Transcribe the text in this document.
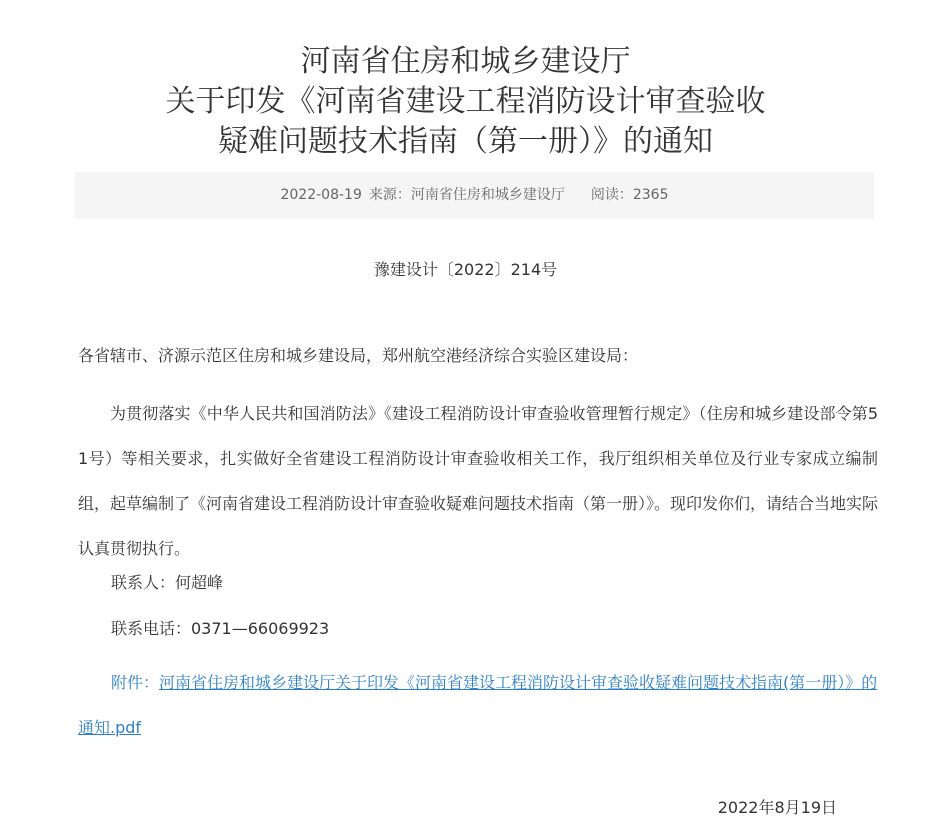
河南省住房和城乡建设厅
关于印发《河南省建设工程消防设计审查验收
疑难问题技术指南（第一册）》的通知
2022-08-19 来源：河南省住房和城乡建设厅 阅读：2365
豫建设计〔2022〕214号
各省辖市、济源示范区住房和城乡建设局，郑州航空港经济综合实验区建设局：
为贯彻落实《中华人民共和国消防法》《建设工程消防设计审查验收管理暂行规定》（住房和城乡建设部令第51号）等相关要求，扎实做好全省建设工程消防设计审查验收相关工作，我厅组织相关单位及行业专家成立编制组，起草编制了《河南省建设工程消防设计审查验收疑难问题技术指南（第一册）》。现印发你们，请结合当地实际认真贯彻执行。
联系人：何超峰
联系电话：0371—66069923
附件：河南省住房和城乡建设厅关于印发《河南省建设工程消防设计审查验收疑难问题技术指南(第一册）》的通知.pdf
2022年8月19日
